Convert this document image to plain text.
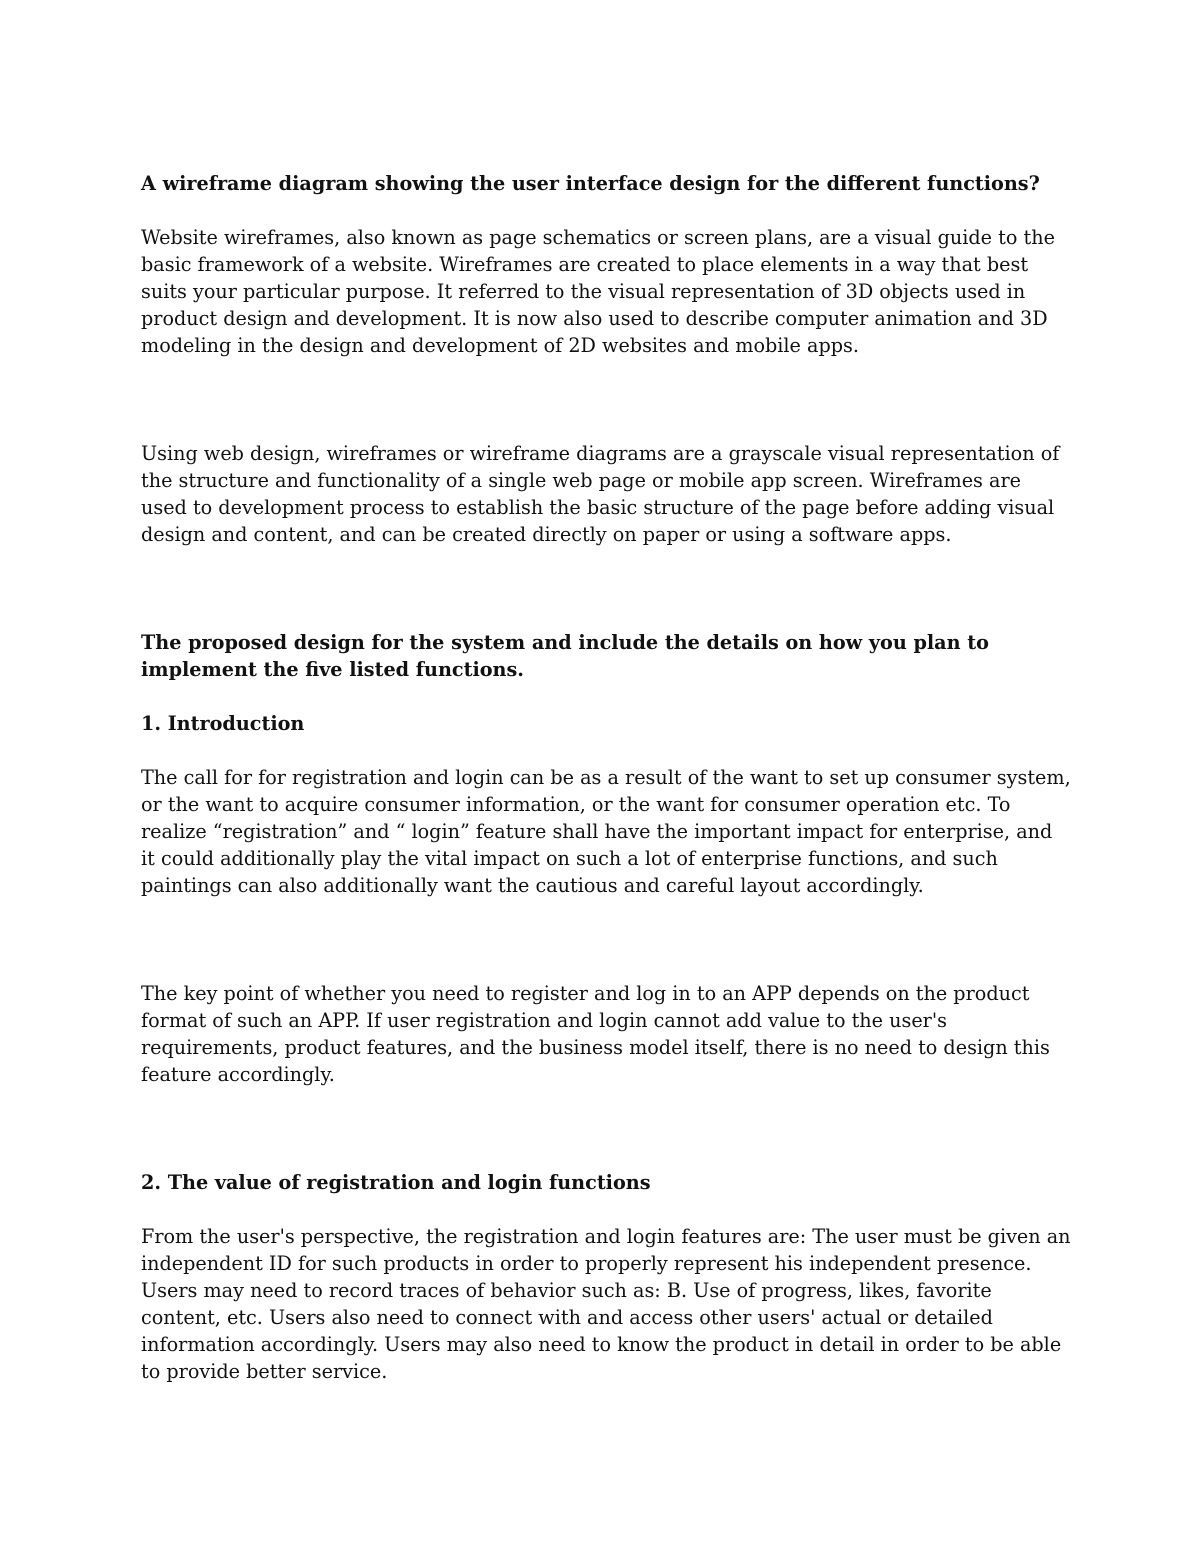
A wireframe diagram showing the user interface design for the different functions?

Website wireframes, also known as page schematics or screen plans, are a visual guide to the basic framework of a website. Wireframes are created to place elements in a way that best suits your particular purpose. It referred to the visual representation of 3D objects used in product design and development. It is now also used to describe computer animation and 3D modeling in the design and development of 2D websites and mobile apps.

Using web design, wireframes or wireframe diagrams are a grayscale visual representation of the structure and functionality of a single web page or mobile app screen. Wireframes are used to development process to establish the basic structure of the page before adding visual design and content, and can be created directly on paper or using a software apps.

The proposed design for the system and include the details on how you plan to implement the five listed functions.

1. Introduction

The call for for registration and login can be as a result of the want to set up consumer system, or the want to acquire consumer information, or the want for consumer operation etc. To realize “registration” and “ login” feature shall have the important impact for enterprise, and it could additionally play the vital impact on such a lot of enterprise functions, and such paintings can also additionally want the cautious and careful layout accordingly.

The key point of whether you need to register and log in to an APP depends on the product format of such an APP. If user registration and login cannot add value to the user's requirements, product features, and the business model itself, there is no need to design this feature accordingly.

2. The value of registration and login functions

From the user's perspective, the registration and login features are: The user must be given an independent ID for such products in order to properly represent his independent presence. Users may need to record traces of behavior such as: B. Use of progress, likes, favorite content, etc. Users also need to connect with and access other users' actual or detailed information accordingly. Users may also need to know the product in detail in order to be able to provide better service.
